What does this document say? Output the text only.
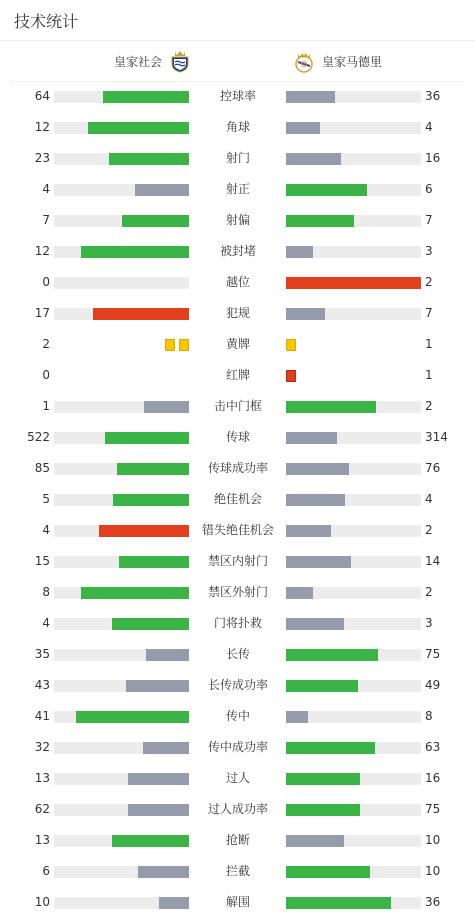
技术统计
皇家社会	皇家马德里
64	控球率	36
12	角球	4
23	射门	16
4	射正	6
7	射偏	7
12	被封堵	3
0	越位	2
17	犯规	7
2	黄牌	1
0	红牌	1
1	击中门框	2
522	传球	314
85	传球成功率	76
5	绝佳机会	4
4	错失绝佳机会	2
15	禁区内射门	14
8	禁区外射门	2
4	门将扑救	3
35	长传	75
43	长传成功率	49
41	传中	8
32	传中成功率	63
13	过人	16
62	过人成功率	75
13	抢断	10
6	拦截	10
10	解围	36
